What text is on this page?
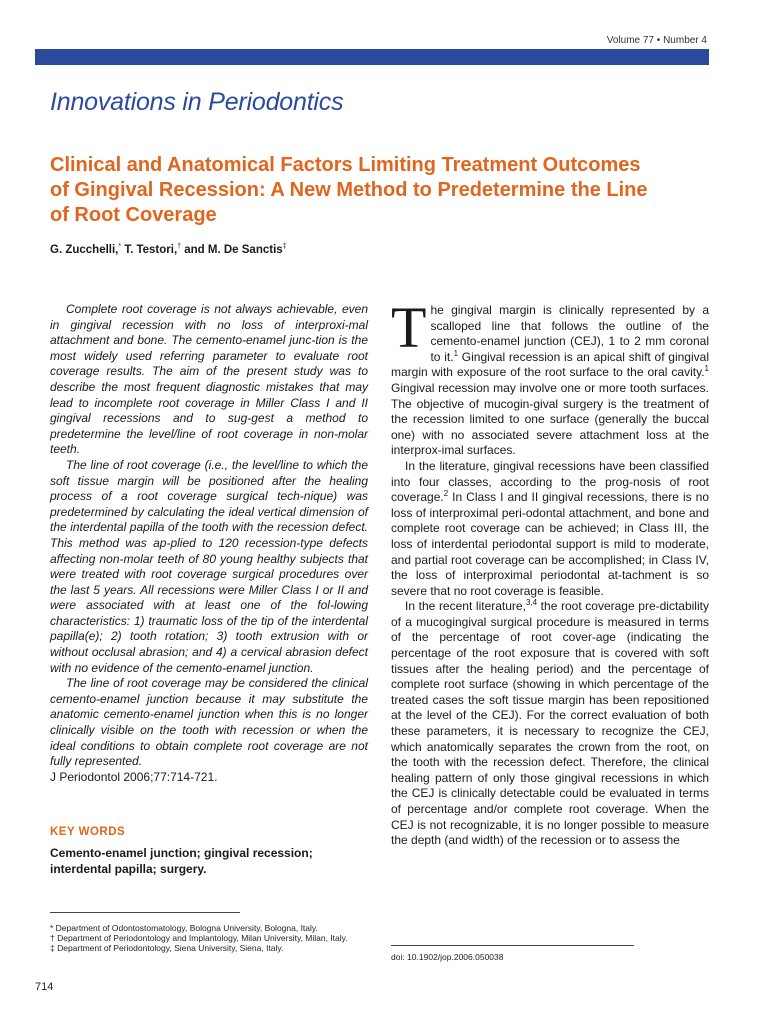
Volume 77 • Number 4
Innovations in Periodontics
Clinical and Anatomical Factors Limiting Treatment Outcomes of Gingival Recession: A New Method to Predetermine the Line of Root Coverage
G. Zucchelli,* T. Testori,† and M. De Sanctis‡

Complete root coverage is not always achievable, even in gingival recession with no loss of interproxi-mal attachment and bone. The cemento-enamel junc-tion is the most widely used referring parameter to evaluate root coverage results. The aim of the present study was to describe the most frequent diagnostic mistakes that may lead to incomplete root coverage in Miller Class I and II gingival recessions and to sug-gest a method to predetermine the level/line of root coverage in non-molar teeth.

The line of root coverage (i.e., the level/line to which the soft tissue margin will be positioned after the healing process of a root coverage surgical tech-nique) was predetermined by calculating the ideal vertical dimension of the interdental papilla of the tooth with the recession defect. This method was ap-plied to 120 recession-type defects affecting non-molar teeth of 80 young healthy subjects that were treated with root coverage surgical procedures over the last 5 years. All recessions were Miller Class I or II and were associated with at least one of the fol-lowing characteristics: 1) traumatic loss of the tip of the interdental papilla(e); 2) tooth rotation; 3) tooth extrusion with or without occlusal abrasion; and 4) a cervical abrasion defect with no evidence of the cemento-enamel junction.

The line of root coverage may be considered the clinical cemento-enamel junction because it may substitute the anatomic cemento-enamel junction when this is no longer clinically visible on the tooth with recession or when the ideal conditions to obtain complete root coverage are not fully represented.

J Periodontol 2006;77:714-721.

KEY WORDS
Cemento-enamel junction; gingival recession; interdental papilla; surgery.
* Department of Odontostomatology, Bologna University, Bologna, Italy.
† Department of Periodontology and Implantology, Milan University, Milan, Italy.
‡ Department of Periodontology, Siena University, Siena, Italy.

The gingival margin is clinically represented by a scalloped line that follows the outline of the cemento-enamel junction (CEJ), 1 to 2 mm coronal to it.$^1$ Gingival recession is an apical shift of gingival margin with exposure of the root surface to the oral cavity.$^1$ Gingival recession may involve one or more tooth surfaces. The objective of mucogin-gival surgery is the treatment of the recession limited to one surface (generally the buccal one) with no associated severe attachment loss at the interprox-imal surfaces.

In the literature, gingival recessions have been classified into four classes, according to the prog-nosis of root coverage.$^2$ In Class I and II gingival recessions, there is no loss of interproximal peri-odontal attachment, and bone and complete root coverage can be achieved; in Class III, the loss of interdental periodontal support is mild to moderate, and partial root coverage can be accomplished; in Class IV, the loss of interproximal periodontal at-tachment is so severe that no root coverage is feasible.

In the recent literature,$^{3,4}$ the root coverage pre-dictability of a mucogingival surgical procedure is measured in terms of the percentage of root cover-age (indicating the percentage of the root exposure that is covered with soft tissues after the healing period) and the percentage of complete root surface (showing in which percentage of the treated cases the soft tissue margin has been repositioned at the level of the CEJ). For the correct evaluation of both these parameters, it is necessary to recognize the CEJ, which anatomically separates the crown from the root, on the tooth with the recession defect. Therefore, the clinical healing pattern of only those gingival recessions in which the CEJ is clinically detectable could be evaluated in terms of percentage and/or complete root coverage. When the CEJ is not recognizable, it is no longer possible to measure the depth (and width) of the recession or to assess the

doi: 10.1902/jop.2006.050038
714
